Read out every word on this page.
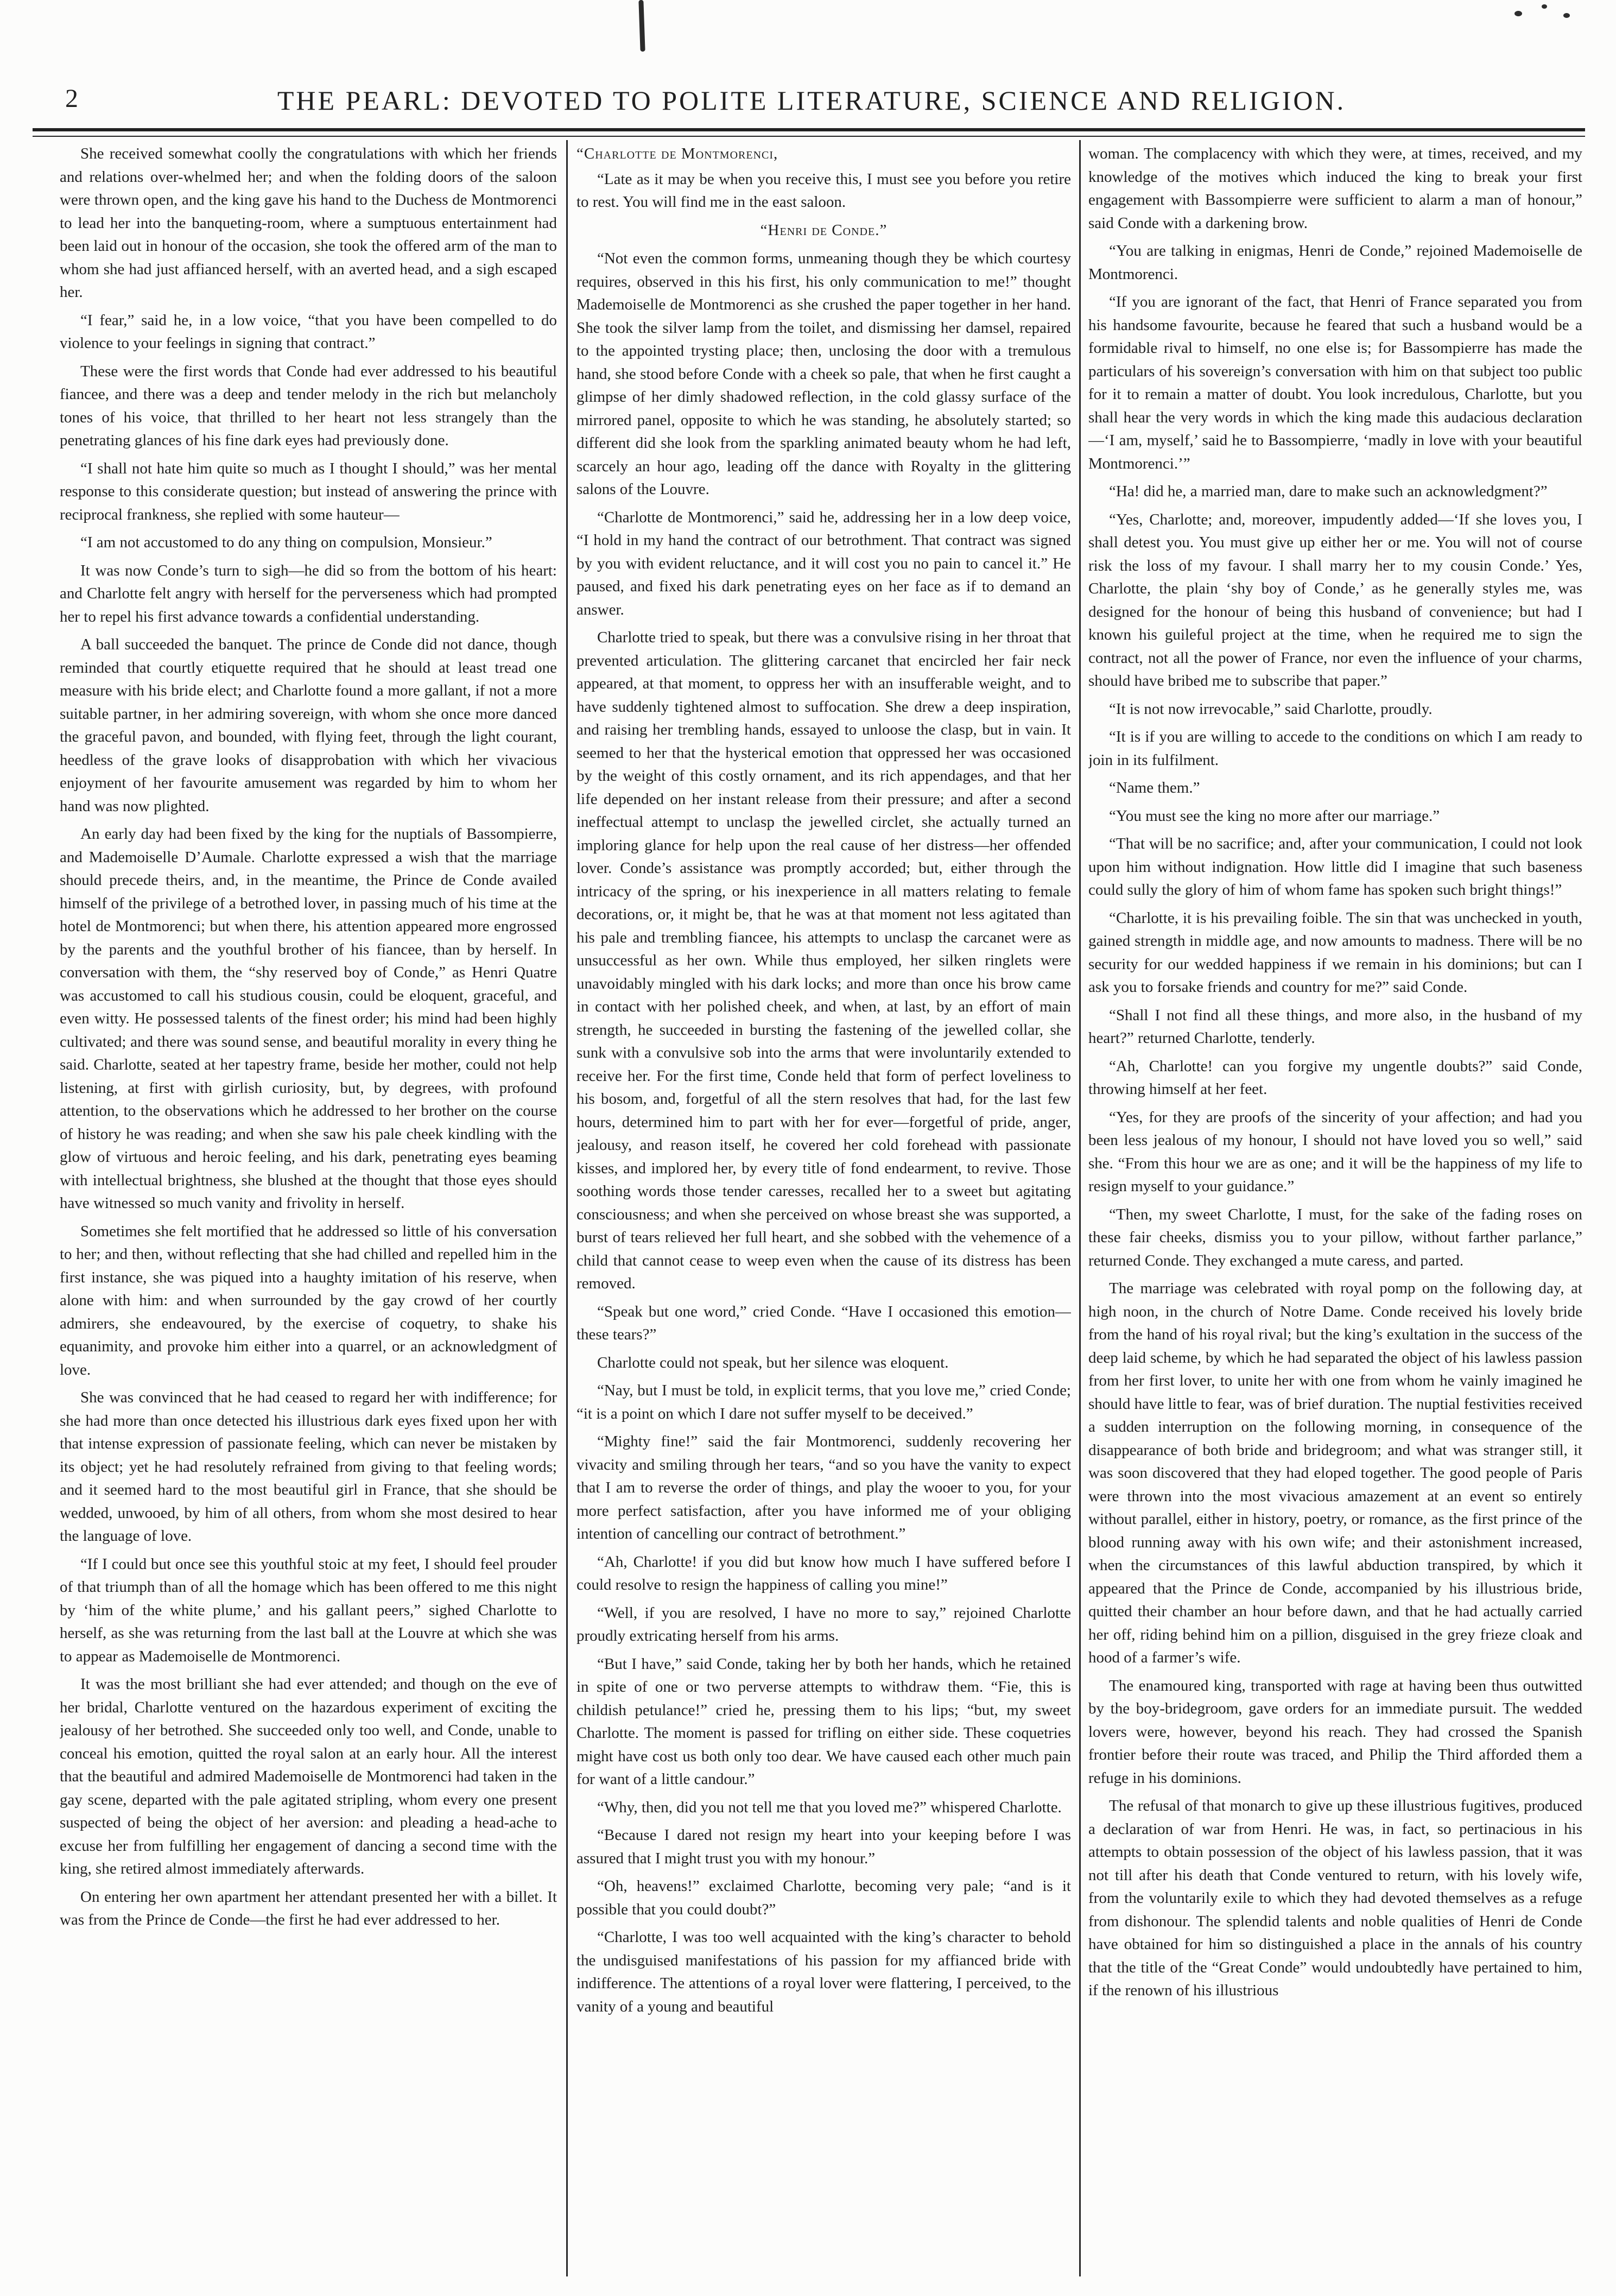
2	THE PEARL: DEVOTED TO POLITE LITERATURE, SCIENCE AND RELIGION.

She received somewhat coolly the congratulations with which her friends and relations over-whelmed her; and when the folding doors of the saloon were thrown open, and the king gave his hand to the Duchess de Montmorenci to lead her into the banqueting-room, where a sumptuous entertainment had been laid out in honour of the occasion, she took the offered arm of the man to whom she had just affianced herself, with an averted head, and a sigh escaped her.

“I fear,” said he, in a low voice, “that you have been compelled to do violence to your feelings in signing that contract.”

These were the first words that Conde had ever addressed to his beautiful fiancee, and there was a deep and tender melody in the rich but melancholy tones of his voice, that thrilled to her heart not less strangely than the penetrating glances of his fine dark eyes had previously done.

“I shall not hate him quite so much as I thought I should,” was her mental response to this considerate question; but instead of answering the prince with reciprocal frankness, she replied with some hauteur—

“I am not accustomed to do any thing on compulsion, Monsieur.”

It was now Conde’s turn to sigh—he did so from the bottom of his heart: and Charlotte felt angry with herself for the perverseness which had prompted her to repel his first advance towards a confidential understanding.

A ball succeeded the banquet. The prince de Conde did not dance, though reminded that courtly etiquette required that he should at least tread one measure with his bride elect; and Charlotte found a more gallant, if not a more suitable partner, in her admiring sovereign, with whom she once more danced the graceful pavon, and bounded, with flying feet, through the light courant, heedless of the grave looks of disapprobation with which her vivacious enjoyment of her favourite amusement was regarded by him to whom her hand was now plighted.

An early day had been fixed by the king for the nuptials of Bassompierre, and Mademoiselle D’Aumale. Charlotte expressed a wish that the marriage should precede theirs, and, in the meantime, the Prince de Conde availed himself of the privilege of a betrothed lover, in passing much of his time at the hotel de Montmorenci; but when there, his attention appeared more engrossed by the parents and the youthful brother of his fiancee, than by herself. In conversation with them, the “shy reserved boy of Conde,” as Henri Quatre was accustomed to call his studious cousin, could be eloquent, graceful, and even witty. He possessed talents of the finest order; his mind had been highly cultivated; and there was sound sense, and beautiful morality in every thing he said. Charlotte, seated at her tapestry frame, beside her mother, could not help listening, at first with girlish curiosity, but, by degrees, with profound attention, to the observations which he addressed to her brother on the course of history he was reading; and when she saw his pale cheek kindling with the glow of virtuous and heroic feeling, and his dark, penetrating eyes beaming with intellectual brightness, she blushed at the thought that those eyes should have witnessed so much vanity and frivolity in herself.

Sometimes she felt mortified that he addressed so little of his conversation to her; and then, without reflecting that she had chilled and repelled him in the first instance, she was piqued into a haughty imitation of his reserve, when alone with him: and when surrounded by the gay crowd of her courtly admirers, she endeavoured, by the exercise of coquetry, to shake his equanimity, and provoke him either into a quarrel, or an acknowledgment of love.

She was convinced that he had ceased to regard her with indifference; for she had more than once detected his illustrious dark eyes fixed upon her with that intense expression of passionate feeling, which can never be mistaken by its object; yet he had resolutely refrained from giving to that feeling words; and it seemed hard to the most beautiful girl in France, that she should be wedded, unwooed, by him of all others, from whom she most desired to hear the language of love.

“If I could but once see this youthful stoic at my feet, I should feel prouder of that triumph than of all the homage which has been offered to me this night by ‘him of the white plume,’ and his gallant peers,” sighed Charlotte to herself, as she was returning from the last ball at the Louvre at which she was to appear as Mademoiselle de Montmorenci.

It was the most brilliant she had ever attended; and though on the eve of her bridal, Charlotte ventured on the hazardous experiment of exciting the jealousy of her betrothed. She succeeded only too well, and Conde, unable to conceal his emotion, quitted the royal salon at an early hour. All the interest that the beautiful and admired Mademoiselle de Montmorenci had taken in the gay scene, departed with the pale agitated stripling, whom every one present suspected of being the object of her aversion: and pleading a head-ache to excuse her from fulfilling her engagement of dancing a second time with the king, she retired almost immediately afterwards.

On entering her own apartment her attendant presented her with a billet. It was from the Prince de Conde—the first he had ever addressed to her.

“Charlotte de Montmorenci,

“Late as it may be when you receive this, I must see you before you retire to rest. You will find me in the east saloon.

“Henri de Conde.”

“Not even the common forms, unmeaning though they be which courtesy requires, observed in this his first, his only communication to me!” thought Mademoiselle de Montmorenci as she crushed the paper together in her hand. She took the silver lamp from the toilet, and dismissing her damsel, repaired to the appointed trysting place; then, unclosing the door with a tremulous hand, she stood before Conde with a cheek so pale, that when he first caught a glimpse of her dimly shadowed reflection, in the cold glassy surface of the mirrored panel, opposite to which he was standing, he absolutely started; so different did she look from the sparkling animated beauty whom he had left, scarcely an hour ago, leading off the dance with Royalty in the glittering salons of the Louvre.

“Charlotte de Montmorenci,” said he, addressing her in a low deep voice, “I hold in my hand the contract of our betrothment. That contract was signed by you with evident reluctance, and it will cost you no pain to cancel it.” He paused, and fixed his dark penetrating eyes on her face as if to demand an answer.

Charlotte tried to speak, but there was a convulsive rising in her throat that prevented articulation. The glittering carcanet that encircled her fair neck appeared, at that moment, to oppress her with an insufferable weight, and to have suddenly tightened almost to suffocation. She drew a deep inspiration, and raising her trembling hands, essayed to unloose the clasp, but in vain. It seemed to her that the hysterical emotion that oppressed her was occasioned by the weight of this costly ornament, and its rich appendages, and that her life depended on her instant release from their pressure; and after a second ineffectual attempt to unclasp the jewelled circlet, she actually turned an imploring glance for help upon the real cause of her distress—her offended lover. Conde’s assistance was promptly accorded; but, either through the intricacy of the spring, or his inexperience in all matters relating to female decorations, or, it might be, that he was at that moment not less agitated than his pale and trembling fiancee, his attempts to unclasp the carcanet were as unsuccessful as her own. While thus employed, her silken ringlets were unavoidably mingled with his dark locks; and more than once his brow came in contact with her polished cheek, and when, at last, by an effort of main strength, he succeeded in bursting the fastening of the jewelled collar, she sunk with a convulsive sob into the arms that were involuntarily extended to receive her. For the first time, Conde held that form of perfect loveliness to his bosom, and, forgetful of all the stern resolves that had, for the last few hours, determined him to part with her for ever—forgetful of pride, anger, jealousy, and reason itself, he covered her cold forehead with passionate kisses, and implored her, by every title of fond endearment, to revive. Those soothing words those tender caresses, recalled her to a sweet but agitating consciousness; and when she perceived on whose breast she was supported, a burst of tears relieved her full heart, and she sobbed with the vehemence of a child that cannot cease to weep even when the cause of its distress has been removed.

“Speak but one word,” cried Conde. “Have I occasioned this emotion—these tears?”

Charlotte could not speak, but her silence was eloquent.

“Nay, but I must be told, in explicit terms, that you love me,” cried Conde; “it is a point on which I dare not suffer myself to be deceived.”

“Mighty fine!” said the fair Montmorenci, suddenly recovering her vivacity and smiling through her tears, “and so you have the vanity to expect that I am to reverse the order of things, and play the wooer to you, for your more perfect satisfaction, after you have informed me of your obliging intention of cancelling our contract of betrothment.”

“Ah, Charlotte! if you did but know how much I have suffered before I could resolve to resign the happiness of calling you mine!”

“Well, if you are resolved, I have no more to say,” rejoined Charlotte proudly extricating herself from his arms.

“But I have,” said Conde, taking her by both her hands, which he retained in spite of one or two perverse attempts to withdraw them. “Fie, this is childish petulance!” cried he, pressing them to his lips; “but, my sweet Charlotte. The moment is passed for trifling on either side. These coquetries might have cost us both only too dear. We have caused each other much pain for want of a little candour.”

“Why, then, did you not tell me that you loved me?” whispered Charlotte.

“Because I dared not resign my heart into your keeping before I was assured that I might trust you with my honour.”

“Oh, heavens!” exclaimed Charlotte, becoming very pale; “and is it possible that you could doubt?”

“Charlotte, I was too well acquainted with the king’s character to behold the undisguised manifestations of his passion for my affianced bride with indifference. The attentions of a royal lover were flattering, I perceived, to the vanity of a young and beautiful

woman. The complacency with which they were, at times, received, and my knowledge of the motives which induced the king to break your first engagement with Bassompierre were sufficient to alarm a man of honour,” said Conde with a darkening brow.

“You are talking in enigmas, Henri de Conde,” rejoined Mademoiselle de Montmorenci.

“If you are ignorant of the fact, that Henri of France separated you from his handsome favourite, because he feared that such a husband would be a formidable rival to himself, no one else is; for Bassompierre has made the particulars of his sovereign’s conversation with him on that subject too public for it to remain a matter of doubt. You look incredulous, Charlotte, but you shall hear the very words in which the king made this audacious declaration—‘I am, myself,’ said he to Bassompierre, ‘madly in love with your beautiful Montmorenci.’”

“Ha! did he, a married man, dare to make such an acknowledgment?”

“Yes, Charlotte; and, moreover, impudently added—‘If she loves you, I shall detest you. You must give up either her or me. You will not of course risk the loss of my favour. I shall marry her to my cousin Conde.’ Yes, Charlotte, the plain ‘shy boy of Conde,’ as he generally styles me, was designed for the honour of being this husband of convenience; but had I known his guileful project at the time, when he required me to sign the contract, not all the power of France, nor even the influence of your charms, should have bribed me to subscribe that paper.”

“It is not now irrevocable,” said Charlotte, proudly.

“It is if you are willing to accede to the conditions on which I am ready to join in its fulfilment.

“Name them.”

“You must see the king no more after our marriage.”

“That will be no sacrifice; and, after your communication, I could not look upon him without indignation. How little did I imagine that such baseness could sully the glory of him of whom fame has spoken such bright things!”

“Charlotte, it is his prevailing foible. The sin that was unchecked in youth, gained strength in middle age, and now amounts to madness. There will be no security for our wedded happiness if we remain in his dominions; but can I ask you to forsake friends and country for me?” said Conde.

“Shall I not find all these things, and more also, in the husband of my heart?” returned Charlotte, tenderly.

“Ah, Charlotte! can you forgive my ungentle doubts?” said Conde, throwing himself at her feet.

“Yes, for they are proofs of the sincerity of your affection; and had you been less jealous of my honour, I should not have loved you so well,” said she. “From this hour we are as one; and it will be the happiness of my life to resign myself to your guidance.”

“Then, my sweet Charlotte, I must, for the sake of the fading roses on these fair cheeks, dismiss you to your pillow, without farther parlance,” returned Conde. They exchanged a mute caress, and parted.

The marriage was celebrated with royal pomp on the following day, at high noon, in the church of Notre Dame. Conde received his lovely bride from the hand of his royal rival; but the king’s exultation in the success of the deep laid scheme, by which he had separated the object of his lawless passion from her first lover, to unite her with one from whom he vainly imagined he should have little to fear, was of brief duration. The nuptial festivities received a sudden interruption on the following morning, in consequence of the disappearance of both bride and bridegroom; and what was stranger still, it was soon discovered that they had eloped together. The good people of Paris were thrown into the most vivacious amazement at an event so entirely without parallel, either in history, poetry, or romance, as the first prince of the blood running away with his own wife; and their astonishment increased, when the circumstances of this lawful abduction transpired, by which it appeared that the Prince de Conde, accompanied by his illustrious bride, quitted their chamber an hour before dawn, and that he had actually carried her off, riding behind him on a pillion, disguised in the grey frieze cloak and hood of a farmer’s wife.

The enamoured king, transported with rage at having been thus outwitted by the boy-bridegroom, gave orders for an immediate pursuit. The wedded lovers were, however, beyond his reach. They had crossed the Spanish frontier before their route was traced, and Philip the Third afforded them a refuge in his dominions.

The refusal of that monarch to give up these illustrious fugitives, produced a declaration of war from Henri. He was, in fact, so pertinacious in his attempts to obtain possession of the object of his lawless passion, that it was not till after his death that Conde ventured to return, with his lovely wife, from the voluntarily exile to which they had devoted themselves as a refuge from dishonour. The splendid talents and noble qualities of Henri de Conde have obtained for him so distinguished a place in the annals of his country that the title of the “Great Conde” would undoubtedly have pertained to him, if the renown of his illustrious
